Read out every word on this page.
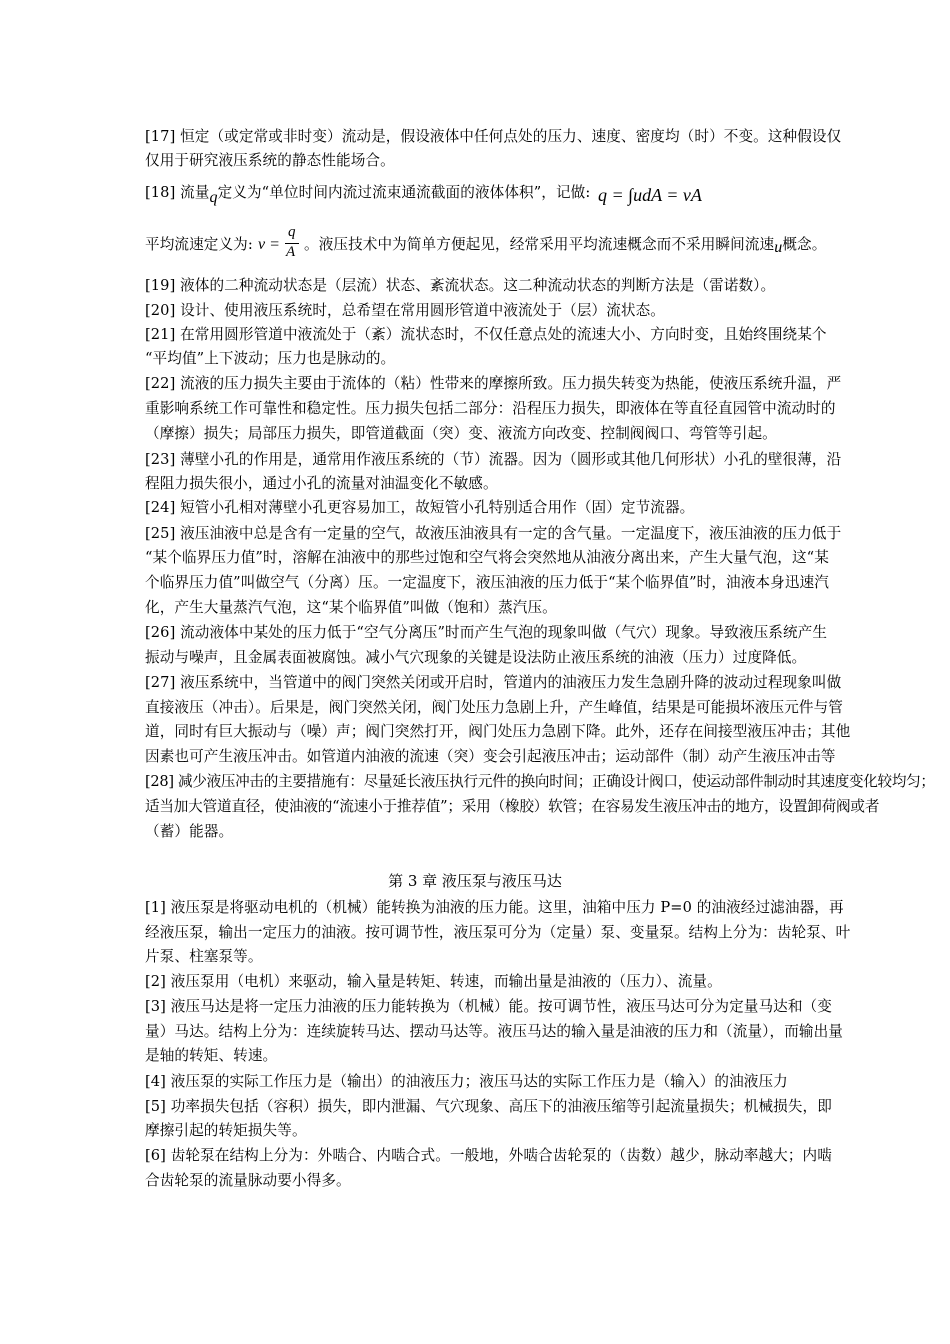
[17] 恒定（或定常或非时变）流动是，假设液体中任何点处的压力、速度、密度均（时）不变。这种假设仅
仅用于研究液压系统的静态性能场合。
[18] 流量q定义为“单位时间内流过流束通流截面的液体体积”，记做: q = ∫udA = vA
平均流速定义为: v =
q
A 。液压技术中为简单方便起见，经常采用平均流速概念而不采用瞬间流速u概念。
[19] 液体的二种流动状态是（层流）状态、紊流状态。这二种流动状态的判断方法是（雷诺数）。
[20] 设计、使用液压系统时，总希望在常用圆形管道中液流处于（层）流状态。
[21] 在常用圆形管道中液流处于（紊）流状态时，不仅任意点处的流速大小、方向时变，且始终围绕某个
“平均值”上下波动；压力也是脉动的。
[22] 流液的压力损失主要由于流体的（粘）性带来的摩擦所致。压力损失转变为热能，使液压系统升温，严
重影响系统工作可靠性和稳定性。压力损失包括二部分：沿程压力损失，即液体在等直径直园管中流动时的
（摩擦）损失；局部压力损失，即管道截面（突）变、液流方向改变、控制阀阀口、弯管等引起。
[23] 薄壁小孔的作用是，通常用作液压系统的（节）流器。因为（圆形或其他几何形状）小孔的壁很薄，沿
程阻力损失很小，通过小孔的流量对油温变化不敏感。
[24] 短管小孔相对薄壁小孔更容易加工，故短管小孔特别适合用作（固）定节流器。
[25] 液压油液中总是含有一定量的空气，故液压油液具有一定的含气量。一定温度下，液压油液的压力低于
“某个临界压力值”时，溶解在油液中的那些过饱和空气将会突然地从油液分离出来，产生大量气泡，这“某
个临界压力值”叫做空气（分离）压。一定温度下，液压油液的压力低于“某个临界值”时，油液本身迅速汽
化，产生大量蒸汽气泡，这“某个临界值”叫做（饱和）蒸汽压。
[26] 流动液体中某处的压力低于“空气分离压”时而产生气泡的现象叫做（气穴）现象。导致液压系统产生
振动与噪声，且金属表面被腐蚀。减小气穴现象的关键是设法防止液压系统的油液（压力）过度降低。
[27] 液压系统中，当管道中的阀门突然关闭或开启时，管道内的油液压力发生急剧升降的波动过程现象叫做
直接液压（冲击）。后果是，阀门突然关闭，阀门处压力急剧上升，产生峰值，结果是可能损坏液压元件与管
道，同时有巨大振动与（噪）声；阀门突然打开，阀门处压力急剧下降。此外，还存在间接型液压冲击；其他
因素也可产生液压冲击。如管道内油液的流速（突）变会引起液压冲击；运动部件（制）动产生液压冲击等
[28] 减少液压冲击的主要措施有：尽量延长液压执行元件的换向时间；正确设计阀口，使运动部件制动时其速度变化较均匀；
适当加大管道直径，使油液的“流速小于推荐值”；采用（橡胶）软管；在容易发生液压冲击的地方，设置卸荷阀或者
（蓄）能器。
第 3 章 液压泵与液压马达
[1] 液压泵是将驱动电机的（机械）能转换为油液的压力能。这里，油箱中压力 P=0 的油液经过滤油器，再
经液压泵，输出一定压力的油液。按可调节性，液压泵可分为（定量）泵、变量泵。结构上分为：齿轮泵、叶
片泵、柱塞泵等。
[2] 液压泵用（电机）来驱动，输入量是转矩、转速，而输出量是油液的（压力）、流量。
[3] 液压马达是将一定压力油液的压力能转换为（机械）能。按可调节性，液压马达可分为定量马达和（变
量）马达。结构上分为：连续旋转马达、摆动马达等。液压马达的输入量是油液的压力和（流量），而输出量
是轴的转矩、转速。
[4] 液压泵的实际工作压力是（输出）的油液压力；液压马达的实际工作压力是（输入）的油液压力
[5] 功率损失包括（容积）损失，即内泄漏、气穴现象、高压下的油液压缩等引起流量损失；机械损失，即
摩擦引起的转矩损失等。
[6] 齿轮泵在结构上分为：外啮合、内啮合式。一般地，外啮合齿轮泵的（齿数）越少，脉动率越大；内啮
合齿轮泵的流量脉动要小得多。
